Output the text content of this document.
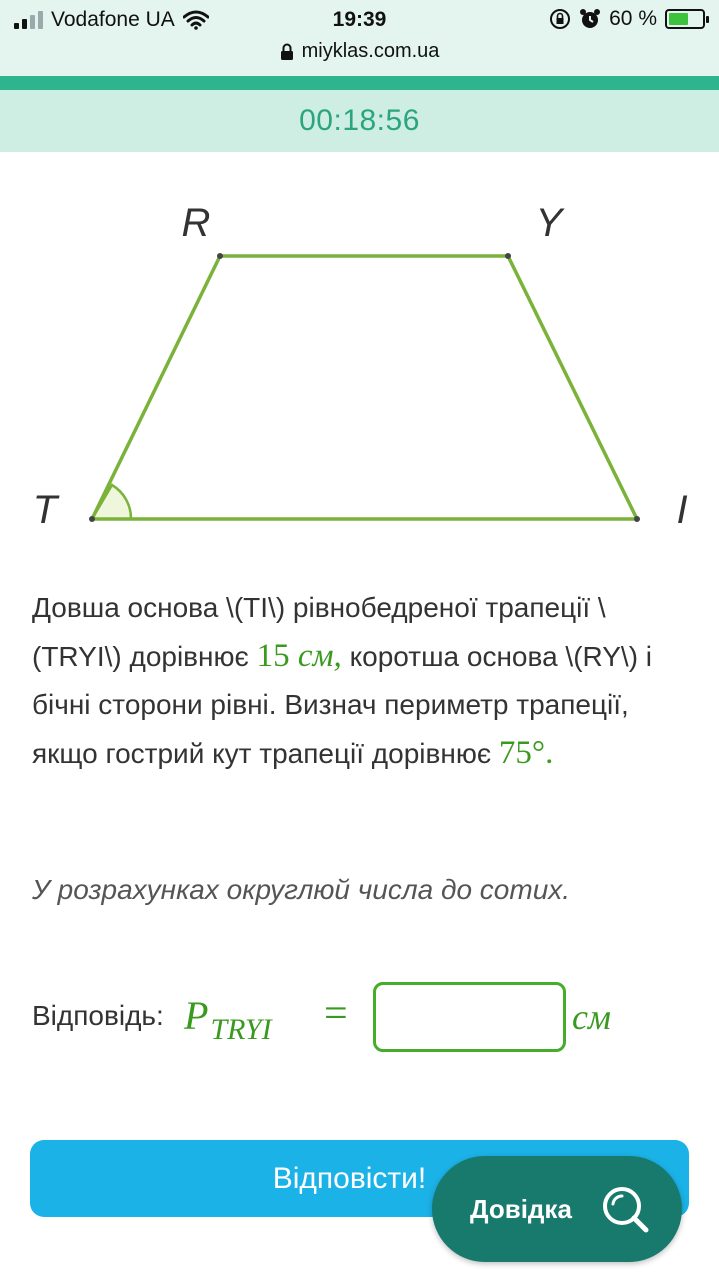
Vodafone UA	19:39	60 %
miyklas.com.ua
00:18:56
R	Y
T	I
Довша основа \(TI\) рівнобедреної трапеції \(TRYI\) дорівнює 15 см, коротша основа \(RY\) і бічні сторони рівні. Визнач периметр трапеції, якщо гострий кут трапеції дорівнює 75°.
У розрахунках округлюй числа до сотих.
Відповідь: $P_{TRYI}$ =	см
Відповісти!
Довідка
